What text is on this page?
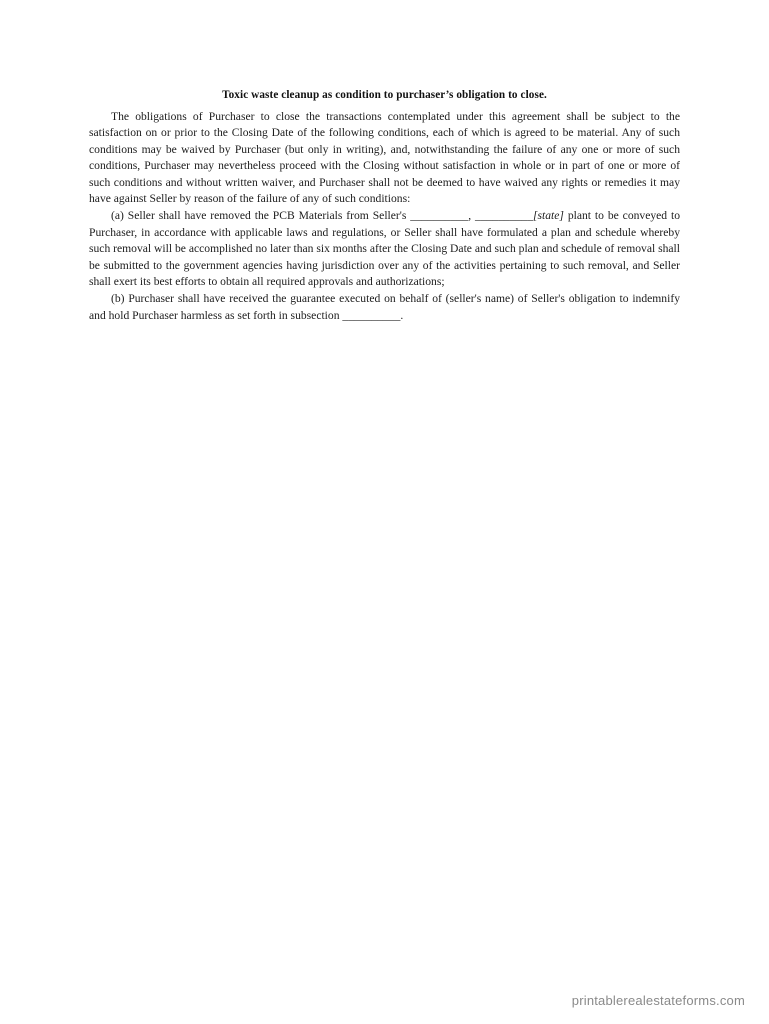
Toxic waste cleanup as condition to purchaser’s obligation to close.

The obligations of Purchaser to close the transactions contemplated under this agreement shall be subject to the satisfaction on or prior to the Closing Date of the following conditions, each of which is agreed to be material. Any of such conditions may be waived by Purchaser (but only in writing), and, notwithstanding the failure of any one or more of such conditions, Purchaser may nevertheless proceed with the Closing without satisfaction in whole or in part of one or more of such conditions and without written waiver, and Purchaser shall not be deemed to have waived any rights or remedies it may have against Seller by reason of the failure of any of such conditions:

(a) Seller shall have removed the PCB Materials from Seller's __________, __________[state] plant to be conveyed to Purchaser, in accordance with applicable laws and regulations, or Seller shall have formulated a plan and schedule whereby such removal will be accomplished no later than six months after the Closing Date and such plan and schedule of removal shall be submitted to the government agencies having jurisdiction over any of the activities pertaining to such removal, and Seller shall exert its best efforts to obtain all required approvals and authorizations;

(b) Purchaser shall have received the guarantee executed on behalf of (seller's name) of Seller's obligation to indemnify and hold Purchaser harmless as set forth in subsection __________.

printablerealestateforms.com
